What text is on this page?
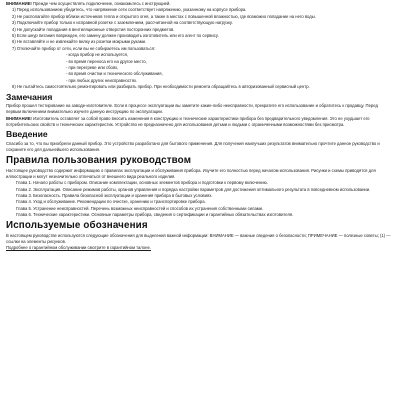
ВНИМАНИЕ! Прежде чем осуществлять подключение, ознакомьтесь с инструкцией.

1) Перед использованием убедитесь, что напряжение сети соответствует напряжению, указанному на корпусе прибора.

2) Не располагайте прибор вблизи источников тепла и открытого огня, а также в местах с повышенной влажностью, где возможно попадание на него воды.

3) Подключайте прибор только к исправной розетке с заземлением, рассчитанной на соответствующую нагрузку.

4) Не допускайте попадания в вентиляционные отверстия посторонних предметов.

5) Если шнур питания поврежден, его замену должен производить изготовитель или его агент по сервису.

6) Не вставляйте и не извлекайте вилку из розетки мокрыми руками.

7) Отключайте прибор от сети, если вы не собираетесь им пользоваться:

- когда прибор не используется,

- во время переноса его на другое место,

- при перегреве или сбоях,

- во время очистки и технического обслуживания,

- при любых других неисправностях.

8) Не пытайтесь самостоятельно ремонтировать или разбирать прибор. При необходимости ремонта обращайтесь в авторизованный сервисный центр.

Замечания

Прибор прошел тестирование на заводе-изготовителе. Если в процессе эксплуатации вы заметите какие-либо неисправности, прекратите его использование и обратитесь к продавцу. Перед первым включением внимательно изучите данную инструкцию по эксплуатации.

ВНИМАНИЕ! Изготовитель оставляет за собой право вносить изменения в конструкцию и технические характеристики прибора без предварительного уведомления. Это не ухудшает его потребительских свойств и технических характеристик. Устройство не предназначено для использования детьми и людьми с ограниченными возможностями без присмотра.

Введение

Спасибо за то, что вы приобрели данный прибор. Это устройство разработано для бытового применения. Для получения наилучших результатов внимательно прочтите данное руководство и сохраните его для дальнейшего использования.

Правила пользования руководством

Настоящее руководство содержит информацию о правилах эксплуатации и обслуживания прибора. Изучите его полностью перед началом использования. Рисунки и схемы приводятся для иллюстрации и могут незначительно отличаться от внешнего вида реального изделия.

Глава 1. Начало работы с прибором. Описание комплектации, основных элементов прибора и подготовки к первому включению.

Глава 2. Эксплуатация. Описание режимов работы, органов управления и порядка настройки параметров для достижения оптимального результата в повседневном использовании.

Глава 3. Безопасность. Правила безопасной эксплуатации и хранения прибора в бытовых условиях.

Глава 4. Уход и обслуживание. Рекомендации по очистке, хранению и транспортировке прибора.

Глава 5. Устранение неисправностей. Перечень возможных неисправностей и способов их устранения собственными силами.

Глава 6. Технические характеристики. Основные параметры прибора, сведения о сертификации и гарантийных обязательствах изготовителя.

Используемые обозначения

В настоящем руководстве используются следующие обозначения для выделения важной информации: ВНИМАНИЕ — важные сведения о безопасности; ПРИМЕЧАНИЕ — полезные советы; (1) — ссылки на элементы рисунков.

Подробнее о гарантийном обслуживании смотрите в гарантийном талоне.
